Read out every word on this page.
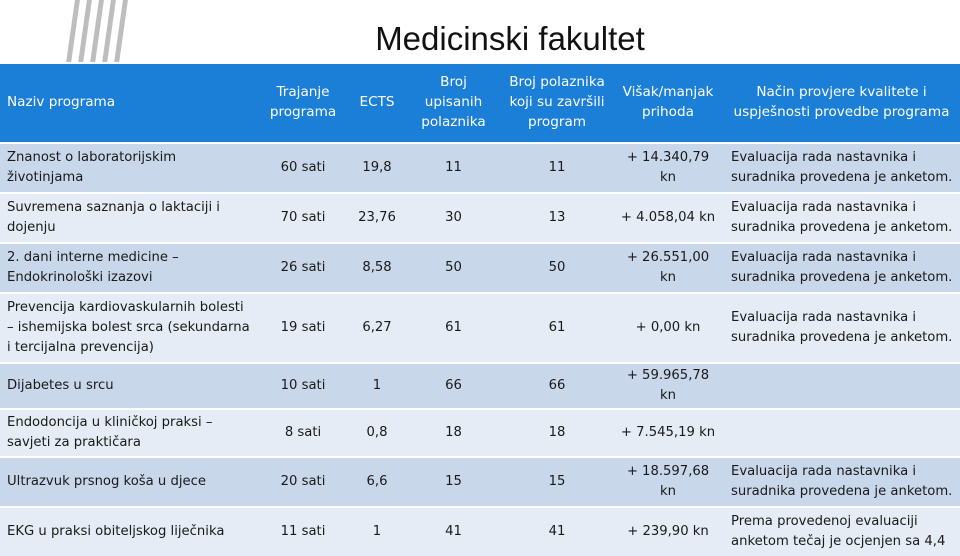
Medicinski fakultet
Naziv programa	Trajanje programa	ECTS	Broj upisanih polaznika	Broj polaznika koji su završili program	Višak/manjak prihoda	Način provjere kvalitete i uspješnosti provedbe programa
Znanost o laboratorijskim životinjama	60 sati	19,8	11	11	+ 14.340,79 kn	Evaluacija rada nastavnika i suradnika provedena je anketom.
Suvremena saznanja o laktaciji i dojenju	70 sati	23,76	30	13	+ 4.058,04 kn	Evaluacija rada nastavnika i suradnika provedena je anketom.
2. dani interne medicine – Endokrinološki izazovi	26 sati	8,58	50	50	+ 26.551,00 kn	Evaluacija rada nastavnika i suradnika provedena je anketom.
Prevencija kardiovaskularnih bolesti – ishemijska bolest srca (sekundarna i tercijalna prevencija)	19 sati	6,27	61	61	+ 0,00 kn	Evaluacija rada nastavnika i suradnika provedena je anketom.
Dijabetes u srcu	10 sati	1	66	66	+ 59.965,78 kn	
Endodoncija u kliničkoj praksi – savjeti za praktičara	8 sati	0,8	18	18	+ 7.545,19 kn	
Ultrazvuk prsnog koša u djece	20 sati	6,6	15	15	+ 18.597,68 kn	Evaluacija rada nastavnika i suradnika provedena je anketom.
EKG u praksi obiteljskog liječnika	11 sati	1	41	41	+ 239,90 kn	Prema provedenoj evaluaciji anketom tečaj je ocjenjen sa 4,4
